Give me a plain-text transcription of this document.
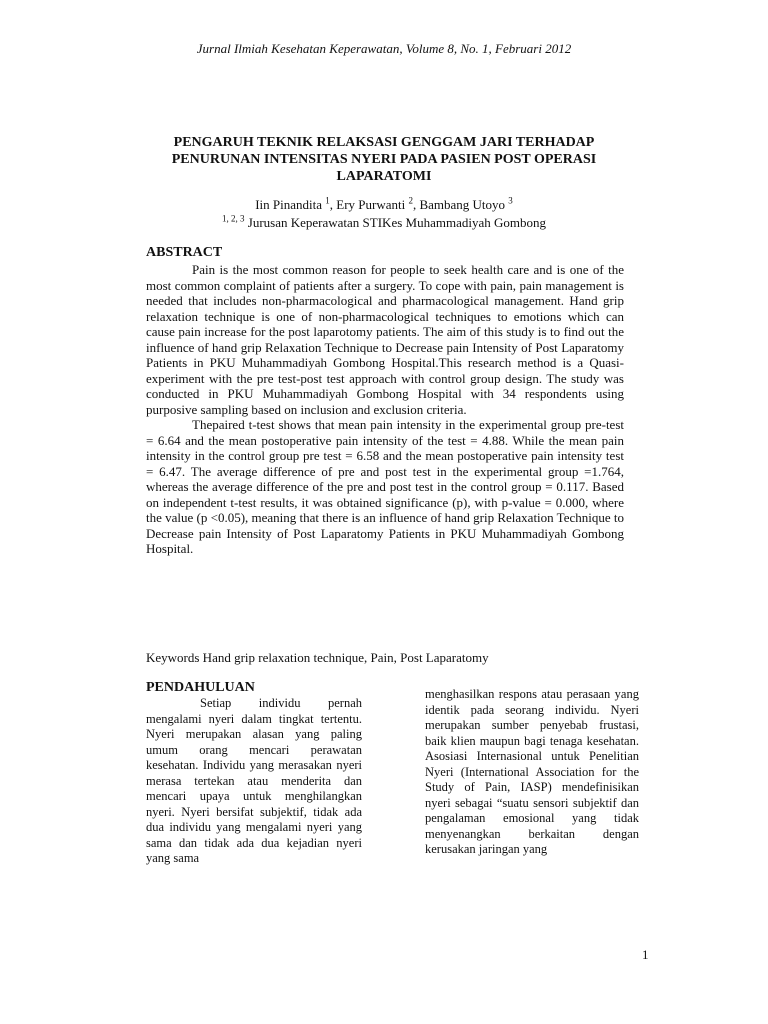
Jurnal Ilmiah Kesehatan Keperawatan, Volume 8, No. 1, Februari 2012
PENGARUH TEKNIK RELAKSASI GENGGAM JARI TERHADAP PENURUNAN INTENSITAS NYERI PADA PASIEN POST OPERASI LAPARATOMI
Iin Pinandita $^1$, Ery Purwanti $^2$, Bambang Utoyo $^3$
$^{1, 2, 3}$ Jurusan Keperawatan STIKes Muhammadiyah Gombong
ABSTRACT

Pain is the most common reason for people to seek health care and is one of the most common complaint of patients after a surgery. To cope with pain, pain management is needed that includes non-pharmacological and pharmacological management. Hand grip relaxation technique is one of non-pharmacological techniques to emotions which can cause pain increase for the post laparotomy patients. The aim of this study is to find out the influence of hand grip Relaxation Technique to Decrease pain Intensity of Post Laparatomy Patients in PKU Muhammadiyah Gombong Hospital.This research method is a Quasi-experiment with the pre test-post test approach with control group design. The study was conducted in PKU Muhammadiyah Gombong Hospital with 34 respondents using purposive sampling based on inclusion and exclusion criteria.

Thepaired t-test shows that mean pain intensity in the experimental group pre-test = 6.64 and the mean postoperative pain intensity of the test = 4.88. While the mean pain intensity in the control group pre test = 6.58 and the mean postoperative pain intensity test = 6.47. The average difference of pre and post test in the experimental group =1.764, whereas the average difference of the pre and post test in the control group = 0.117. Based on independent t-test results, it was obtained significance (p), with p-value = 0.000, where the value (p <0.05), meaning that there is an influence of hand grip Relaxation Technique to Decrease pain Intensity of Post Laparatomy Patients in PKU Muhammadiyah Gombong Hospital.

Keywords Hand grip relaxation technique, Pain, Post Laparatomy
PENDAHULUAN

Setiap individu pernah mengalami nyeri dalam tingkat tertentu. Nyeri merupakan alasan yang paling umum orang mencari perawatan kesehatan. Individu yang merasakan nyeri merasa tertekan atau menderita dan mencari upaya untuk menghilangkan nyeri. Nyeri bersifat subjektif, tidak ada dua individu yang mengalami nyeri yang sama dan tidak ada dua kejadian nyeri yang sama

menghasilkan respons atau perasaan yang identik pada seorang individu. Nyeri merupakan sumber penyebab frustasi, baik klien maupun bagi tenaga kesehatan. Asosiasi Internasional untuk Penelitian Nyeri (International Association for the Study of Pain, IASP) mendefinisikan nyeri sebagai “suatu sensori subjektif dan pengalaman emosional yang tidak menyenangkan berkaitan dengan kerusakan jaringan yang

1
